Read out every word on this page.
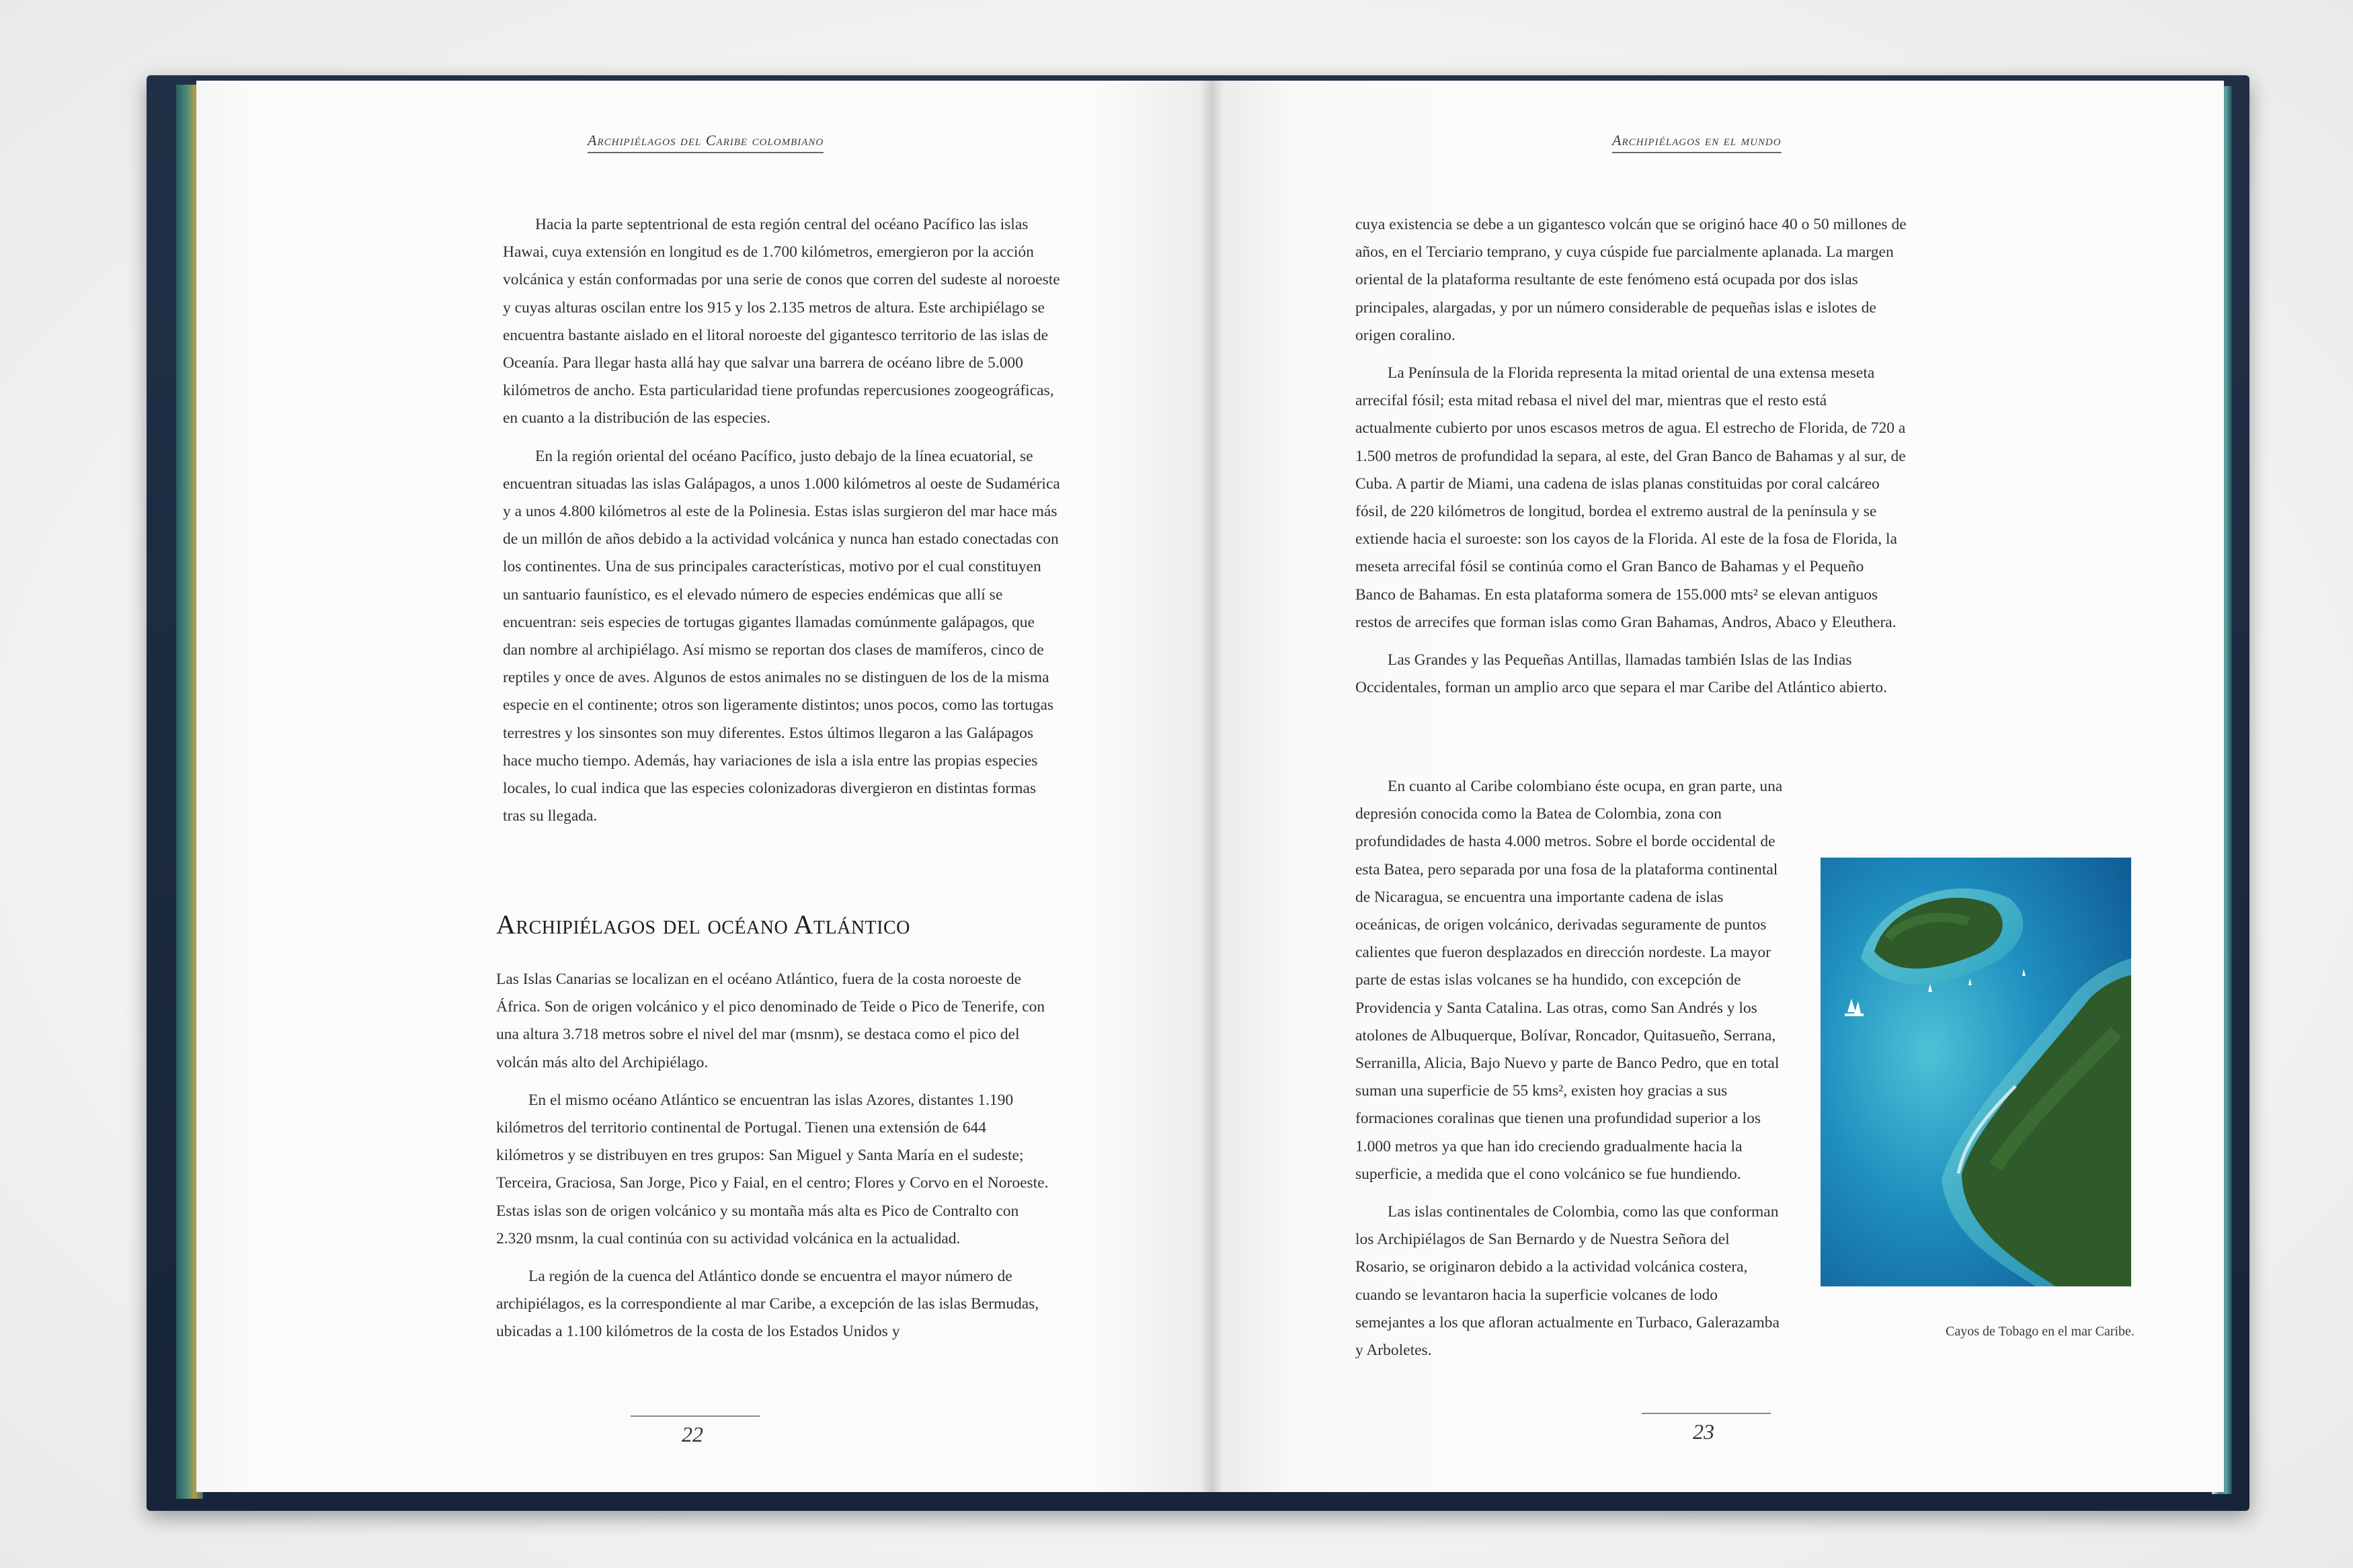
Archipiélagos del Caribe colombiano

Hacia la parte septentrional de esta región central del océano Pacífico las islas Hawai, cuya extensión en longitud es de 1.700 kilómetros, emergieron por la acción volcánica y están conformadas por una serie de conos que corren del sudeste al noroeste y cuyas alturas oscilan entre los 915 y los 2.135 metros de altura. Este archipiélago se encuentra bastante aislado en el litoral noroeste del gigantesco territorio de las islas de Oceanía. Para llegar hasta allá hay que salvar una barrera de océano libre de 5.000 kilómetros de ancho. Esta particularidad tiene profundas repercusiones zoogeográficas, en cuanto a la distribución de las especies.

En la región oriental del océano Pacífico, justo debajo de la línea ecuatorial, se encuentran situadas las islas Galápagos, a unos 1.000 kilómetros al oeste de Sudamérica y a unos 4.800 kilómetros al este de la Polinesia. Estas islas surgieron del mar hace más de un millón de años debido a la actividad volcánica y nunca han estado conectadas con los continentes. Una de sus principales características, motivo por el cual constituyen un santuario faunístico, es el elevado número de especies endémicas que allí se encuentran: seis especies de tortugas gigantes llamadas comúnmente galápagos, que dan nombre al archipiélago. Así mismo se reportan dos clases de mamíferos, cinco de reptiles y once de aves. Algunos de estos animales no se distinguen de los de la misma especie en el continente; otros son ligeramente distintos; unos pocos, como las tortugas terrestres y los sinsontes son muy diferentes. Estos últimos llegaron a las Galápagos hace mucho tiempo. Además, hay variaciones de isla a isla entre las propias especies locales, lo cual indica que las especies colonizadoras divergieron en distintas formas tras su llegada.

Archipiélagos del océano Atlántico

Las Islas Canarias se localizan en el océano Atlántico, fuera de la costa noroeste de África. Son de origen volcánico y el pico denominado de Teide o Pico de Tenerife, con una altura 3.718 metros sobre el nivel del mar (msnm), se destaca como el pico del volcán más alto del Archipiélago.

En el mismo océano Atlántico se encuentran las islas Azores, distantes 1.190 kilómetros del territorio continental de Portugal. Tienen una extensión de 644 kilómetros y se distribuyen en tres grupos: San Miguel y Santa María en el sudeste; Terceira, Graciosa, San Jorge, Pico y Faial, en el centro; Flores y Corvo en el Noroeste. Estas islas son de origen volcánico y su montaña más alta es Pico de Contralto con 2.320 msnm, la cual continúa con su actividad volcánica en la actualidad.

La región de la cuenca del Atlántico donde se encuentra el mayor número de archipiélagos, es la correspondiente al mar Caribe, a excepción de las islas Bermudas, ubicadas a 1.100 kilómetros de la costa de los Estados Unidos y

22
Archipiélagos en el mundo

cuya existencia se debe a un gigantesco volcán que se originó hace 40 o 50 millones de años, en el Terciario temprano, y cuya cúspide fue parcialmente aplanada. La margen oriental de la plataforma resultante de este fenómeno está ocupada por dos islas principales, alargadas, y por un número considerable de pequeñas islas e islotes de origen coralino.

La Península de la Florida representa la mitad oriental de una extensa meseta arrecifal fósil; esta mitad rebasa el nivel del mar, mientras que el resto está actualmente cubierto por unos escasos metros de agua. El estrecho de Florida, de 720 a 1.500 metros de profundidad la separa, al este, del Gran Banco de Bahamas y al sur, de Cuba. A partir de Miami, una cadena de islas planas constituidas por coral calcáreo fósil, de 220 kilómetros de longitud, bordea el extremo austral de la península y se extiende hacia el suroeste: son los cayos de la Florida. Al este de la fosa de Florida, la meseta arrecifal fósil se continúa como el Gran Banco de Bahamas y el Pequeño Banco de Bahamas. En esta plataforma somera de 155.000 mts² se elevan antiguos restos de arrecifes que forman islas como Gran Bahamas, Andros, Abaco y Eleuthera.

Las Grandes y las Pequeñas Antillas, llamadas también Islas de las Indias Occidentales, forman un amplio arco que separa el mar Caribe del Atlántico abierto.

En cuanto al Caribe colombiano éste ocupa, en gran parte, una depresión conocida como la Batea de Colombia, zona con profundidades de hasta 4.000 metros. Sobre el borde occidental de esta Batea, pero separada por una fosa de la plataforma continental de Nicaragua, se encuentra una importante cadena de islas oceánicas, de origen volcánico, derivadas seguramente de puntos calientes que fueron desplazados en dirección nordeste. La mayor parte de estas islas volcanes se ha hundido, con excepción de Providencia y Santa Catalina. Las otras, como San Andrés y los atolones de Albuquerque, Bolívar, Roncador, Quitasueño, Serrana, Serranilla, Alicia, Bajo Nuevo y parte de Banco Pedro, que en total suman una superficie de 55 kms², existen hoy gracias a sus formaciones coralinas que tienen una profundidad superior a los 1.000 metros ya que han ido creciendo gradualmente hacia la superficie, a medida que el cono volcánico se fue hundiendo.

Las islas continentales de Colombia, como las que conforman los Archipiélagos de San Bernardo y de Nuestra Señora del Rosario, se originaron debido a la actividad volcánica costera, cuando se levantaron hacia la superficie volcanes de lodo semejantes a los que afloran actualmente en Turbaco, Galerazamba y Arboletes.

Cayos de Tobago en el mar Caribe.
23
